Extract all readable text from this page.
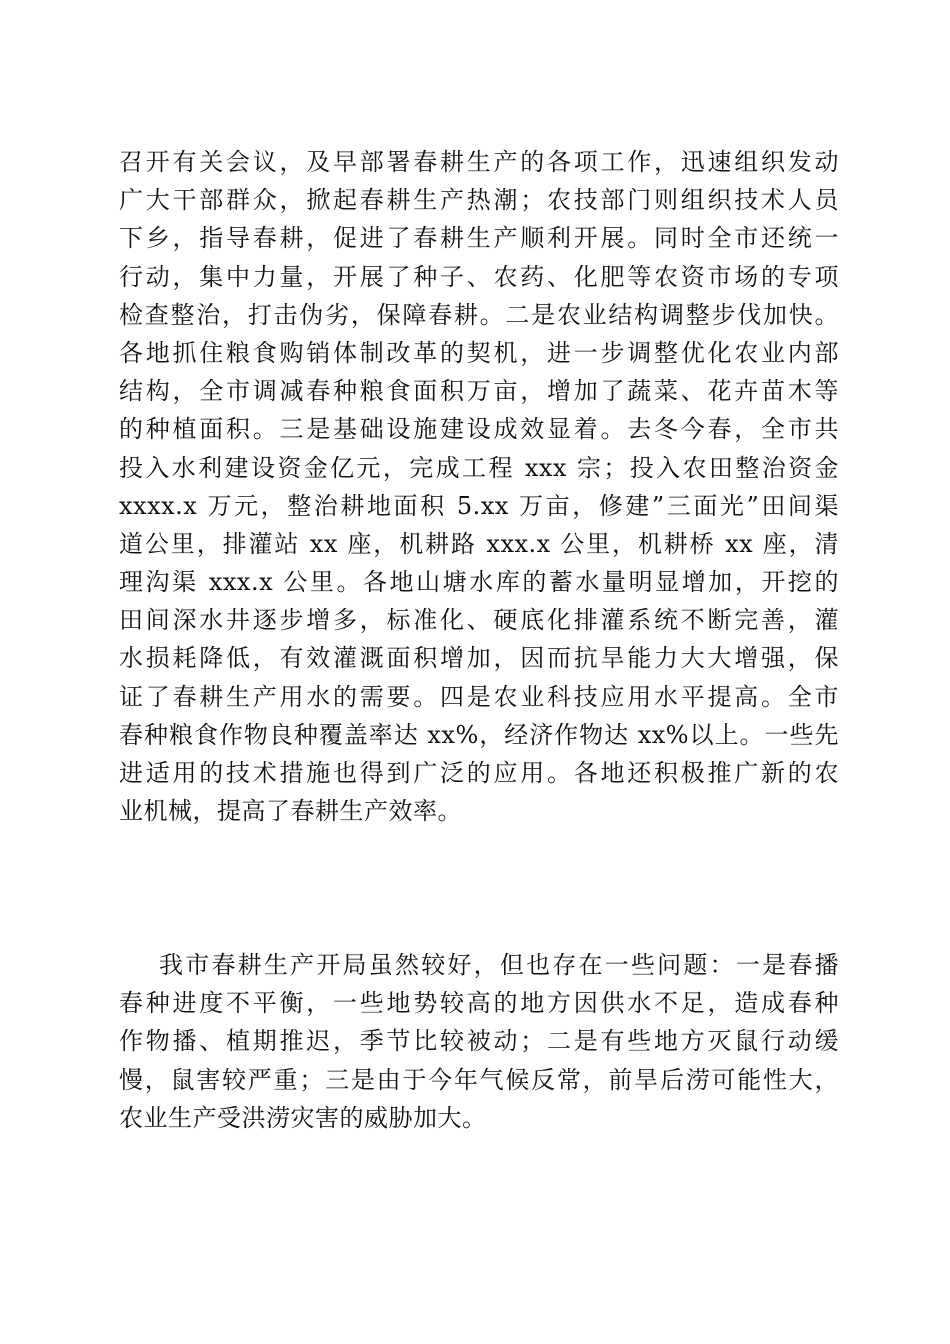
召开有关会议，及早部署春耕生产的各项工作，迅速组织发动
广大干部群众，掀起春耕生产热潮；农技部门则组织技术人员
下乡，指导春耕，促进了春耕生产顺利开展。同时全市还统一
行动，集中力量，开展了种子、农药、化肥等农资市场的专项
检查整治，打击伪劣，保障春耕。二是农业结构调整步伐加快。
各地抓住粮食购销体制改革的契机，进一步调整优化农业内部
结构，全市调减春种粮食面积万亩，增加了蔬菜、花卉苗木等
的种植面积。三是基础设施建设成效显着。去冬今春，全市共
投入水利建设资金亿元，完成工程 xxx 宗；投入农田整治资金
xxxx.x 万元，整治耕地面积 5.xx 万亩，修建”三面光”田间渠
道公里，排灌站 xx 座，机耕路 xxx.x 公里，机耕桥 xx 座，清
理沟渠 xxx.x 公里。各地山塘水库的蓄水量明显增加，开挖的
田间深水井逐步增多，标准化、硬底化排灌系统不断完善，灌
水损耗降低，有效灌溉面积增加，因而抗旱能力大大增强，保
证了春耕生产用水的需要。四是农业科技应用水平提高。全市
春种粮食作物良种覆盖率达 xx%，经济作物达 xx%以上。一些先
进适用的技术措施也得到广泛的应用。各地还积极推广新的农
业机械，提高了春耕生产效率。
我市春耕生产开局虽然较好，但也存在一些问题：一是春播
春种进度不平衡，一些地势较高的地方因供水不足，造成春种
作物播、植期推迟，季节比较被动；二是有些地方灭鼠行动缓
慢，鼠害较严重；三是由于今年气候反常，前旱后涝可能性大，
农业生产受洪涝灾害的威胁加大。
